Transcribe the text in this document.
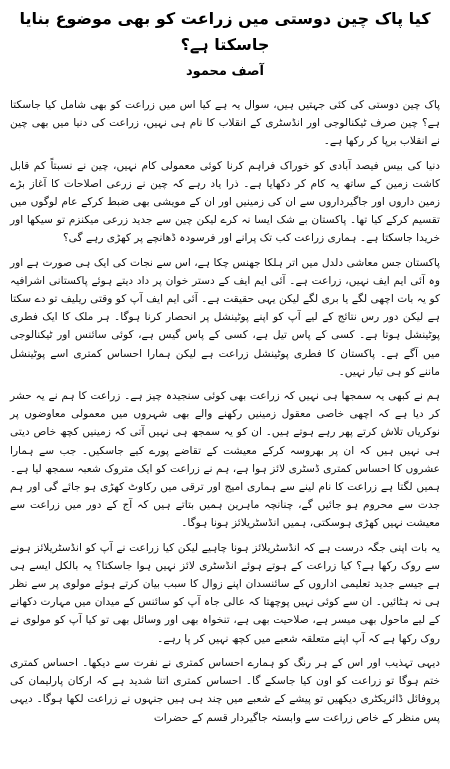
کیا پاک چین دوستی میں زراعت کو بھی موضوع بنایا جاسکتا ہے؟
آصف محمود

پاک چین دوستی کی کئی جہتیں ہیں، سوال یہ ہے کیا اس میں زراعت کو بھی شامل کیا جاسکتا ہے؟ چین صرف ٹیکنالوجی اور انڈسٹری کے انقلاب کا نام ہی نہیں، زراعت کی دنیا میں بھی چین نے انقلاب برپا کر رکھا ہے۔

دنیا کی بیس فیصد آبادی کو خوراک فراہم کرنا کوئی معمولی کام نہیں، چین نے نسبتاً کم قابل کاشت زمین کے ساتھ یہ کام کر دکھایا ہے۔ ذرا یاد رہے کہ چین نے زرعی اصلاحات کا آغاز بڑے زمین داروں اور جاگیرداروں سے ان کی زمینیں اور ان کے مویشی بھی ضبط کرکے عام لوگوں میں تقسیم کرکے کیا تھا۔ پاکستان بے شک ایسا نہ کرے لیکن چین سے جدید زرعی میکنزم تو سیکھا اور خریدا جاسکتا ہے۔ ہماری زراعت کب تک پرانے اور فرسودہ ڈھانچے پر کھڑی رہے گی؟

پاکستان جس معاشی دلدل میں اتر ہلکا جھنس چکا ہے، اس سے نجات کی ایک ہی صورت ہے اور وہ آئی ایم ایف نہیں، زراعت ہے۔ آئی ایم ایف کے دستر خوان پر داد دیتے ہوئے پاکستانی اشرافیہ کو یہ بات اچھی لگے یا بری لگے لیکن یہی حقیقت ہے۔ آئی ایم ایف آپ کو وقتی ریلیف تو دے سکتا ہے لیکن دور رس نتائج کے لیے آپ کو اپنے پوٹینشل پر انحصار کرنا ہوگا۔ ہر ملک کا ایک فطری پوٹینشل ہوتا ہے۔ کسی کے پاس تیل ہے، کسی کے پاس گیس ہے، کوئی سائنس اور ٹیکنالوجی میں آگے ہے۔ پاکستان کا فطری پوٹینشل زراعت ہے لیکن ہمارا احساس کمتری اسے پوٹینشل ماننے کو ہی تیار نہیں۔

ہم نے کبھی یہ سمجھا ہی نہیں کہ زراعت بھی کوئی سنجیدہ چیز ہے۔ زراعت کا ہم نے یہ حشر کر دیا ہے کہ اچھی خاصی معقول زمینیں رکھنے والے بھی شہروں میں معمولی معاوضوں پر نوکریاں تلاش کرتے پھر رہے ہوتے ہیں۔ ان کو یہ سمجھ ہی نہیں آتی کہ زمینیں کچھ خاص دیتی ہی نہیں ہیں کہ ان پر بھروسہ کرکے معیشت کے تقاضے پورے کیے جاسکیں۔ جب سے ہمارا عشروں کا احساس کمتری ڈسٹری لائز ہوا ہے، ہم نے زراعت کو ایک متروک شعبہ سمجھ لیا ہے۔ ہمیں لگتا ہے زراعت کا نام لینے سے ہماری امیج اور ترقی میں رکاوٹ کھڑی ہو جائے گی اور ہم جدت سے محروم ہو جائیں گے، چنانچہ ماہرین ہمیں بتاتے ہیں کہ آج کے دور میں زراعت سے معیشت نہیں کھڑی ہوسکتی، ہمیں انڈسٹریلائز ہونا ہوگا۔

یہ بات اپنی جگہ درست ہے کہ انڈسٹریلائز ہونا چاہیے لیکن کیا زراعت نے آپ کو انڈسٹریلائز ہونے سے روک رکھا ہے؟ کیا زراعت کے ہوتے ہوئے انڈسٹری لائز نہیں ہوا جاسکتا؟ یہ بالکل ایسے ہی ہے جیسے جدید تعلیمی اداروں کے سائنسدان اپنے زوال کا سبب بیان کرتے ہوئے مولوی پر سے نظر ہی نہ ہٹائیں۔ ان سے کوئی نہیں پوچھتا کہ عالی جاہ آپ کو سائنس کے میدان میں مہارت دکھانے کے لیے ماحول بھی میسر ہے، صلاحیت بھی ہے، تنخواہ بھی اور وسائل بھی تو کیا آپ کو مولوی نے روک رکھا ہے کہ آپ اپنے متعلقہ شعبے میں کچھ نہیں کر پا رہے۔

دیہی تہذیب اور اس کے ہر رنگ کو ہمارے احساس کمتری نے نفرت سے دیکھا۔ احساس کمتری ختم ہوگا تو زراعت کو اون کیا جاسکے گا۔ احساس کمتری اتنا شدید ہے کہ ارکان پارلیمان کی پروفائل ڈائریکٹری دیکھیں تو پیشے کے شعبے میں چند ہی ہیں جنہوں نے زراعت لکھا ہوگا۔ دیہی پس منظر کے خاص زراعت سے وابستہ جاگیردار قسم کے حضرات
